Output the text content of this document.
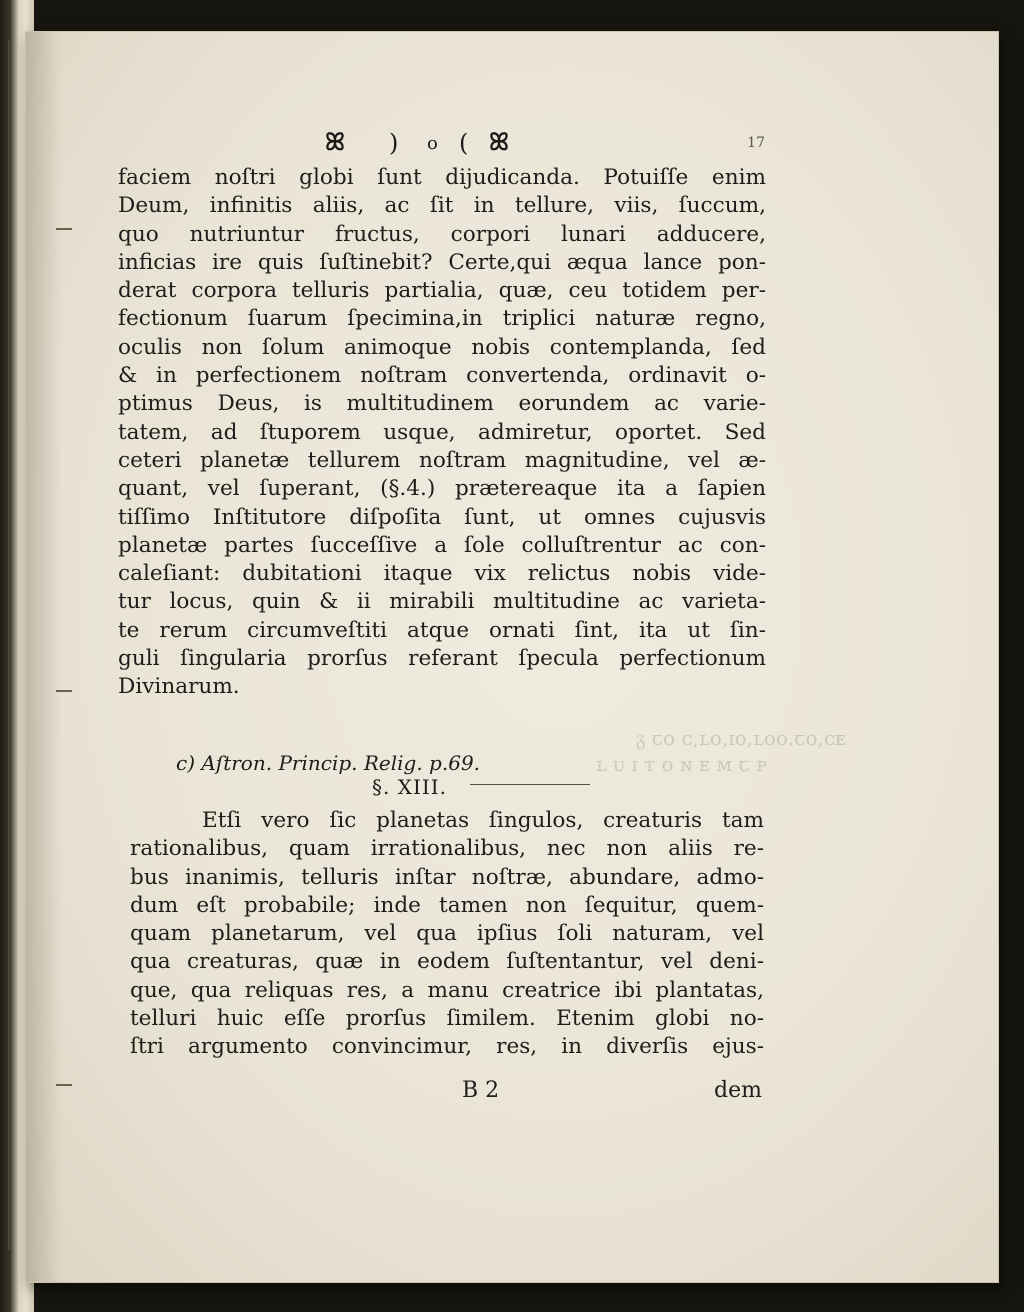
ᵹ ꞇᴏ ᴄ,ʟᴏ,ɪᴏ,ʟᴏᴏ.ꞇᴏ,ᴄᴇ
ʟ ᴜ ɪ ᴛ ᴏ ɴ ᴇ ᴍ ꞇ ᴘ
ꕤ ) o ( ꕤ	17
faciem noſtri globi ſunt dijudicanda. Potuiſſe enim
Deum, infinitis aliis, ac ſit in tellure, viis, ſuccum,
quo nutriuntur fructus, corpori lunari adducere,
inficias ire quis ſuſtinebit? Certe,qui æqua lance pon-
derat corpora telluris partialia, quæ, ceu totidem per-
fectionum ſuarum ſpecimina,in triplici naturæ regno,
oculis non ſolum animoque nobis contemplanda, ſed
& in perfectionem noſtram convertenda, ordinavit o-
ptimus Deus, is multitudinem eorundem ac varie-
tatem, ad ſtuporem usque, admiretur, oportet. Sed
ceteri planetæ tellurem noſtram magnitudine, vel æ-
quant, vel ſuperant, (§.4.) prætereaque ita a ſapien
tiſſimo Inſtitutore diſpoſita ſunt, ut omnes cujusvis
planetæ partes ſucceſſive a ſole colluſtrentur ac con-
caleſiant: dubitationi itaque vix relictus nobis vide-
tur locus, quin & ii mirabili multitudine ac varieta-
te rerum circumveſtiti atque ornati ſint, ita ut ſin-
guli ſingularia prorſus referant ſpecula perfectionum
Divinarum.
c) Aſtron. Princip. Relig. p.69.
§. XIII.
Etſi vero ſic planetas ſingulos, creaturis tam
rationalibus, quam irrationalibus, nec non aliis re-
bus inanimis, telluris inſtar noſtræ, abundare, admo-
dum eſt probabile; inde tamen non ſequitur, quem-
quam planetarum, vel qua ipſius ſoli naturam, vel
qua creaturas, quæ in eodem ſuſtentantur, vel deni-
que, qua reliquas res, a manu creatrice ibi plantatas,
telluri huic eſſe prorſus ſimilem. Etenim globi no-
ſtri argumento convincimur, res, in diverſis ejus-
B 2	dem
